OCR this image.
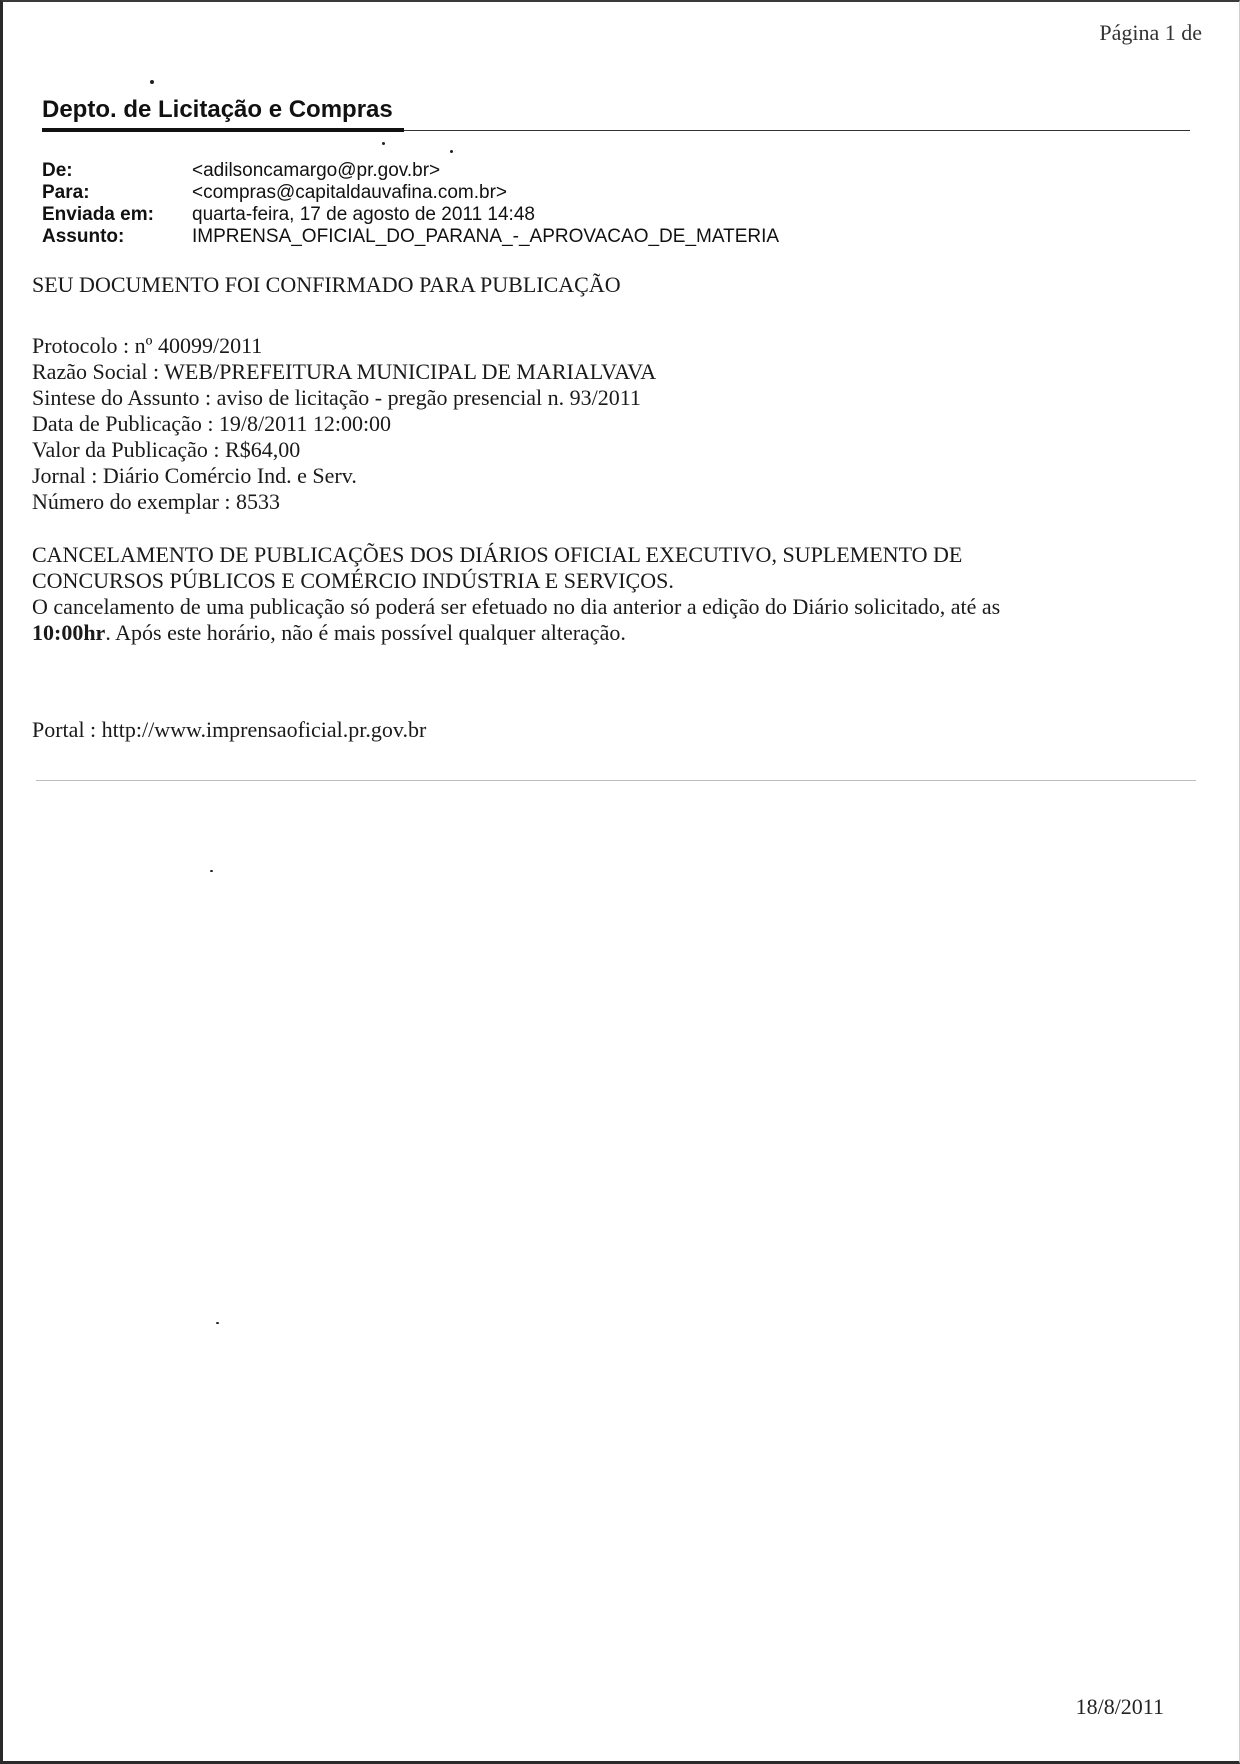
Página 1 de
Depto. de Licitação e Compras
De:	<adilsoncamargo@pr.gov.br>
Para:	<compras@capitaldauvafina.com.br>
Enviada em:	quarta-feira, 17 de agosto de 2011 14:48
Assunto:	IMPRENSA_OFICIAL_DO_PARANA_-_APROVACAO_DE_MATERIA
SEU DOCUMENTO FOI CONFIRMADO PARA PUBLICAÇÃO
Protocolo : nº 40099/2011
Razão Social : WEB/PREFEITURA MUNICIPAL DE MARIALVAVA
Sintese do Assunto : aviso de licitação - pregão presencial n. 93/2011
Data de Publicação : 19/8/2011 12:00:00
Valor da Publicação : R$64,00
Jornal : Diário Comércio Ind. e Serv.
Número do exemplar : 8533
CANCELAMENTO DE PUBLICAÇÕES DOS DIÁRIOS OFICIAL EXECUTIVO, SUPLEMENTO DE
CONCURSOS PÚBLICOS E COMÉRCIO INDÚSTRIA E SERVIÇOS.
O cancelamento de uma publicação só poderá ser efetuado no dia anterior a edição do Diário solicitado, até as
10:00hr. Após este horário, não é mais possível qualquer alteração.
Portal : http://www.imprensaoficial.pr.gov.br
18/8/2011
